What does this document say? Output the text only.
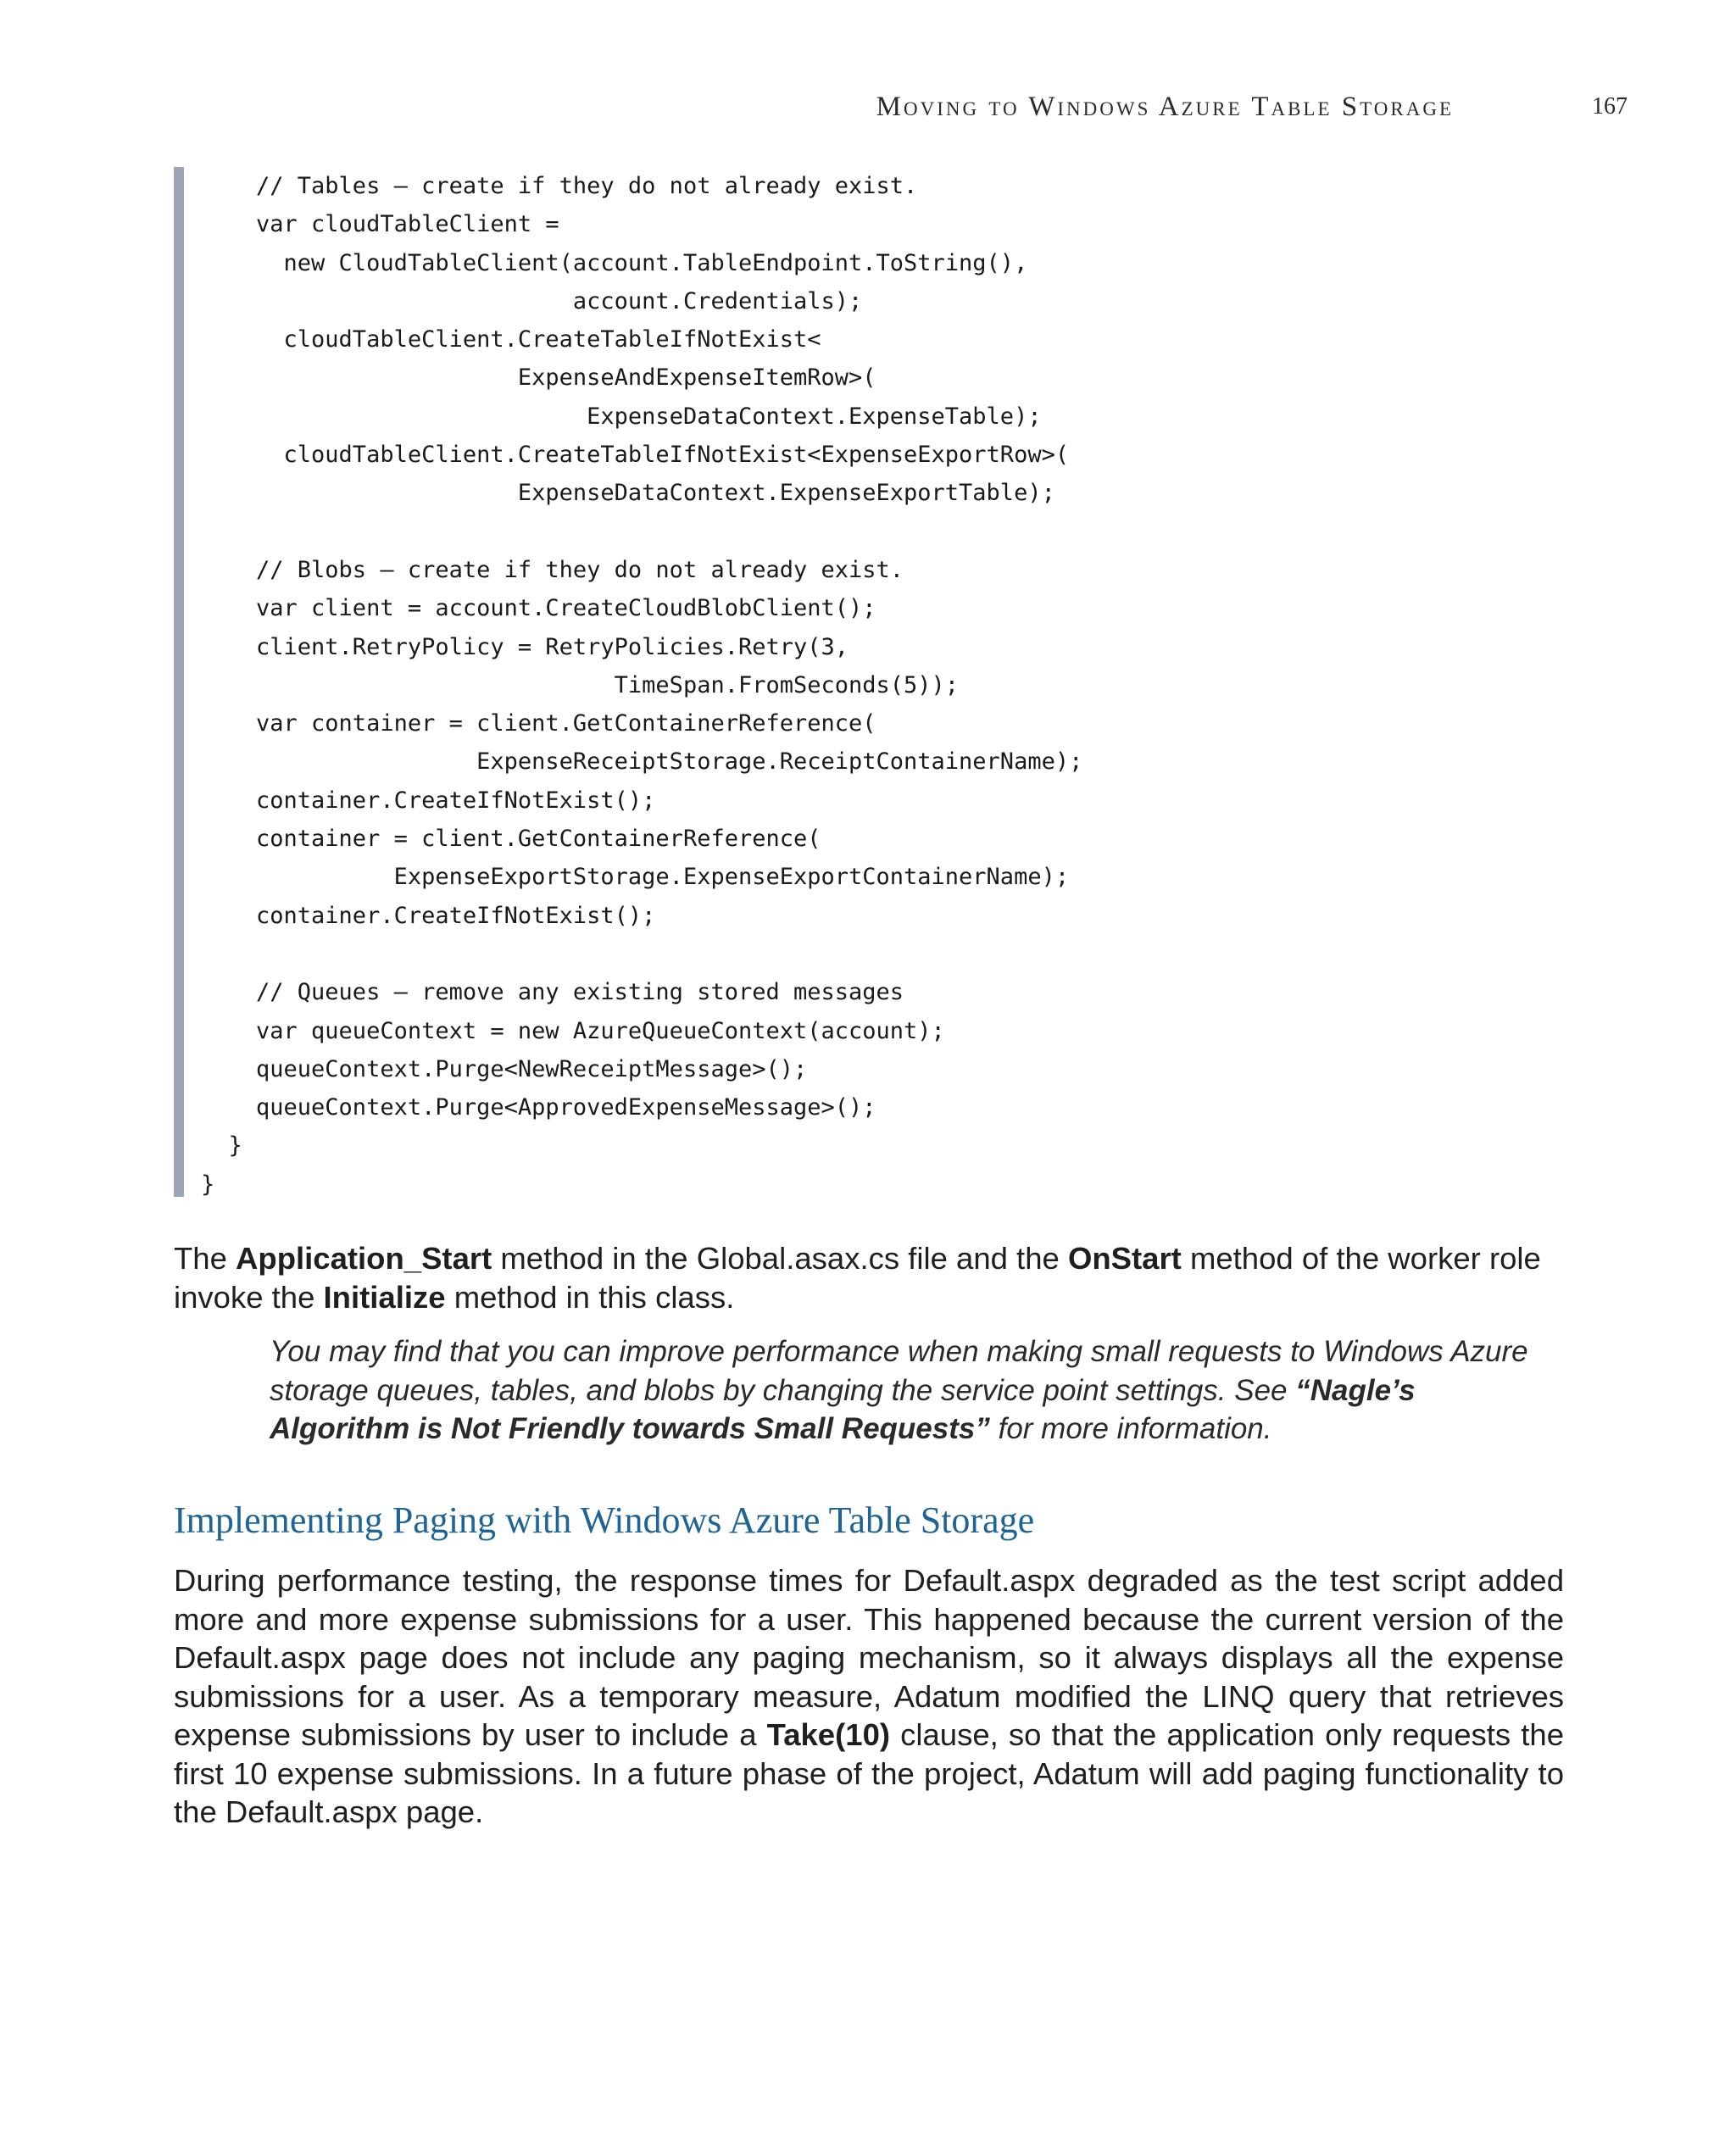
Moving to Windows Azure Table Storage	167
// Tables – create if they do not already exist.
var cloudTableClient =
new CloudTableClient(account.TableEndpoint.ToString(),
account.Credentials);
cloudTableClient.CreateTableIfNotExist<
ExpenseAndExpenseItemRow>(
ExpenseDataContext.ExpenseTable);
cloudTableClient.CreateTableIfNotExist<ExpenseExportRow>(
ExpenseDataContext.ExpenseExportTable);

// Blobs – create if they do not already exist.
var client = account.CreateCloudBlobClient();
client.RetryPolicy = RetryPolicies.Retry(3,
TimeSpan.FromSeconds(5));
var container = client.GetContainerReference(
ExpenseReceiptStorage.ReceiptContainerName);
container.CreateIfNotExist();
container = client.GetContainerReference(
ExpenseExportStorage.ExpenseExportContainerName);
container.CreateIfNotExist();

// Queues – remove any existing stored messages
var queueContext = new AzureQueueContext(account);
queueContext.Purge<NewReceiptMessage>();
queueContext.Purge<ApprovedExpenseMessage>();
}
}

The Application_Start method in the Global.asax.cs file and the OnStart method of the worker role invoke the Initialize method in this class.

You may find that you can improve performance when making small requests to Windows Azure storage queues, tables, and blobs by changing the service point settings. See “Nagle’s Algorithm is Not Friendly towards Small Requests” for more information.

Implementing Paging with Windows Azure Table Storage

During performance testing, the response times for Default.aspx degraded as the test script added more and more expense submissions for a user. This happened because the current version of the Default.aspx page does not include any paging mechanism, so it always displays all the expense submissions for a user. As a temporary measure, Adatum modified the LINQ query that retrieves expense submissions by user to include a Take(10) clause, so that the application only requests the first 10 expense submissions. In a future phase of the project, Adatum will add paging functionality to the Default.aspx page.
